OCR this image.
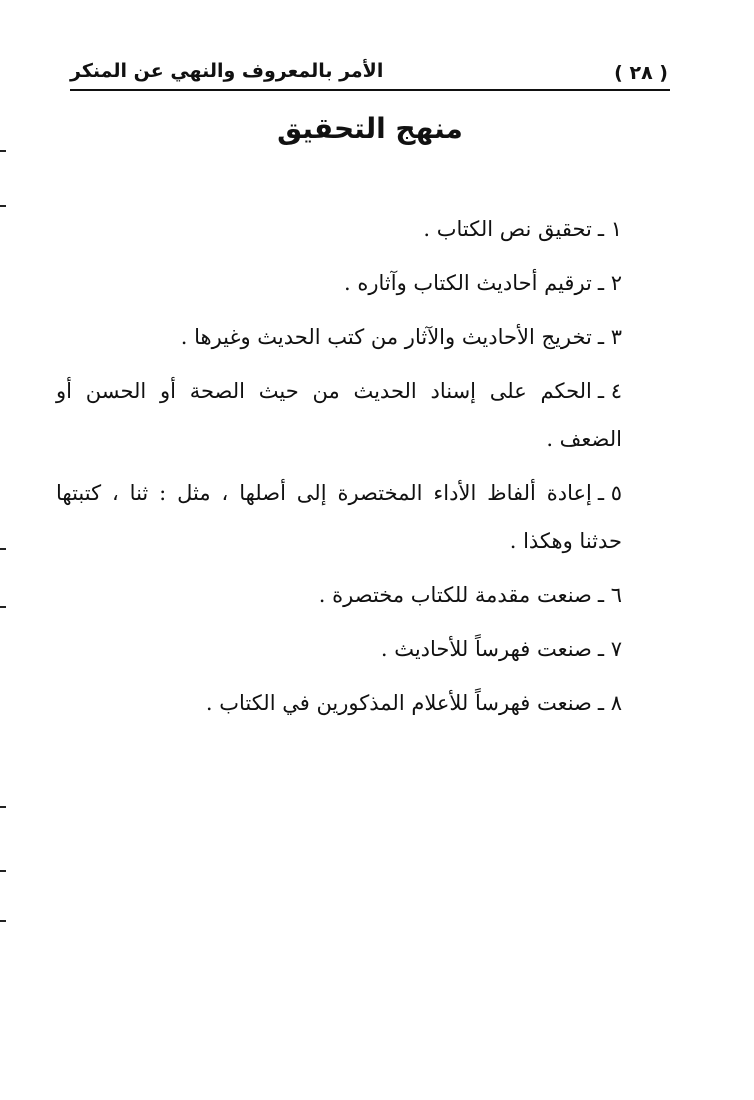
( ٢٨ )
الأمر بالمعروف والنهي عن المنكر
منهج التحقيق
١ ـتحقيق نص الكتاب .
٢ ـترقيم أحاديث الكتاب وآثاره .
٣ ـتخريج الأحاديث والآثار من كتب الحديث وغيرها .
٤ ـالحكم على إسناد الحديث من حيث الصحة أو الحسن أو الضعف .
٥ ـإعادة ألفاظ الأداء المختصرة إلى أصلها ، مثل : ثنا ، كتبتها حدثنا وهكذا .
٦ ـصنعت مقدمة للكتاب مختصرة .
٧ ـصنعت فهرساً للأحاديث .
٨ ـصنعت فهرساً للأعلام المذكورين في الكتاب .
